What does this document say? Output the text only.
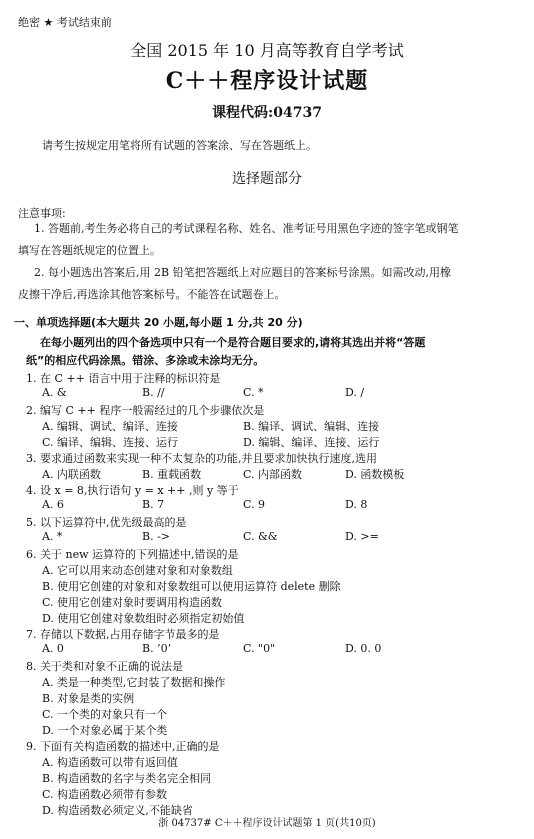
绝密 ★ 考试结束前
全国 2015 年 10 月高等教育自学考试
C＋＋程序设计试题
课程代码:04737
请考生按规定用笔将所有试题的答案涂、写在答题纸上。
选择题部分
注意事项:
1. 答题前,考生务必将自己的考试课程名称、姓名、准考证号用黑色字迹的签字笔或钢笔
填写在答题纸规定的位置上。
2. 每小题选出答案后,用 2B 铅笔把答题纸上对应题目的答案标号涂黑。如需改动,用橡
皮擦干净后,再选涂其他答案标号。不能答在试题卷上。
一、单项选择题(本大题共 20 小题,每小题 1 分,共 20 分)
在每小题列出的四个备选项中只有一个是符合题目要求的,请将其选出并将“答题
纸”的相应代码涂黑。错涂、多涂或未涂均无分。
1. 在 C ++ 语言中用于注释的标识符是
A. &	B. //	C. *	D. /
2. 编写 C ++ 程序一般需经过的几个步骤依次是
A. 编辑、调试、编译、连接	B. 编译、调试、编辑、连接
C. 编译、编辑、连接、运行	D. 编辑、编译、连接、运行
3. 要求通过函数来实现一种不太复杂的功能,并且要求加快执行速度,选用
A. 内联函数	B. 重载函数	C. 内部函数	D. 函数模板
4. 设 x = 8,执行语句 y = x ++ ,则 y 等于
A. 6	B. 7	C. 9	D. 8
5. 以下运算符中,优先级最高的是
A. *	B. ->	C. &&	D. >=
6. 关于 new 运算符的下列描述中,错误的是
A. 它可以用来动态创建对象和对象数组
B. 使用它创建的对象和对象数组可以使用运算符 delete 删除
C. 使用它创建对象时要调用构造函数
D. 使用它创建对象数组时必须指定初始值
7. 存储以下数据,占用存储字节最多的是
A. 0	B. ’0’	C. "0"	D. 0. 0
8. 关于类和对象不正确的说法是
A. 类是一种类型,它封装了数据和操作
B. 对象是类的实例
C. 一个类的对象只有一个
D. 一个对象必属于某个类
9. 下面有关构造函数的描述中,正确的是
A. 构造函数可以带有返回值
B. 构造函数的名字与类名完全相同
C. 构造函数必须带有参数
D. 构造函数必须定义,不能缺省
浙 04737# C＋＋程序设计试题第 1 页(共10页)
